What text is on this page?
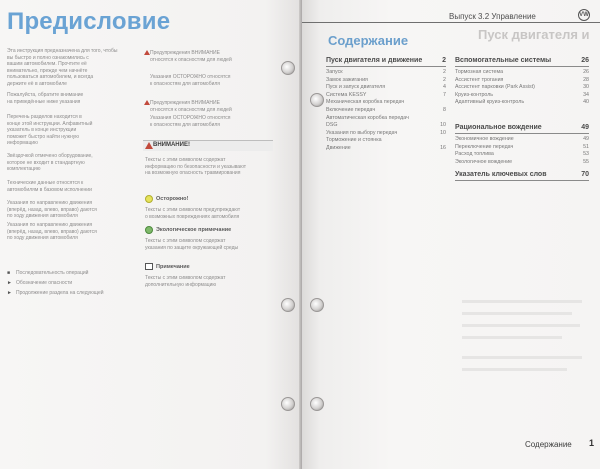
Предисловие
Эта инструкция предназначена для того, чтобы
вы быстро и полно ознакомились с
вашим автомобилем. Прочтите её
внимательно, прежде чем начнёте
пользоваться автомобилем, и всегда
держите её в автомобиле
Пожалуйста, обратите внимание
на приведённые ниже указания
Перечень разделов находится в
конце этой инструкции. Алфавитный
указатель в конце инструкции
поможет быстро найти нужную
информацию
Звёздочкой отмечено оборудование,
которое не входит в стандартную
комплектацию
Технические данные относятся к
автомобилям в базовом исполнении
Указания по направлению движения
(вперёд, назад, влево, вправо) даются
по ходу движения автомобиля
Указания по направлению движения
(вперёд, назад, влево, вправо) даются
по ходу движения автомобиля
■ Последовательность операций
► Обозначение опасности
► Продолжение раздела на следующей
Предупреждения ВНИМАНИЕ
относятся к опасностям для людей
Указания ОСТОРОЖНО относятся
к опасностям для автомобиля
Предупреждения ВНИМАНИЕ
относятся к опасностям для людей
Указания ОСТОРОЖНО относятся
к опасностям для автомобиля
Тексты с этим символом содержат
информацию по безопасности и указывают
на возможную опасность травмирования
Тексты с этим символом предупреждают
о возможных повреждениях автомобиля
Тексты с этим символом содержат
указания по защите окружающей среды
Тексты с этим символом содержат
дополнительную информацию
ВНИМАНИЕ!
Осторожно!
Экологическое примечание
Примечание
Выпуск 3.2 Управление	VW
Пуск двигателя и
Содержание
Пуск двигателя и движение	2
Запуск	2
Замок зажигания	2
Пуск и запуск двигателя	4
Система KESSY	7
Механическая коробка передач
Включение передач	8
Автоматическая коробка передач
DSG	10
Указания по выбору передач	10
Торможение и стоянка
Движение	16
Вспомогательные системы	26
Тормозная система	26
Ассистент трогания	28
Ассистент парковки (Park Assist)	30
Круиз-контроль	34
Адаптивный круиз-контроль	40
Рациональное вождение	49
Экономичное вождение	49
Переключение передач	51
Расход топлива	53
Экологичное вождение	55
Указатель ключевых слов	70
Содержание 1
